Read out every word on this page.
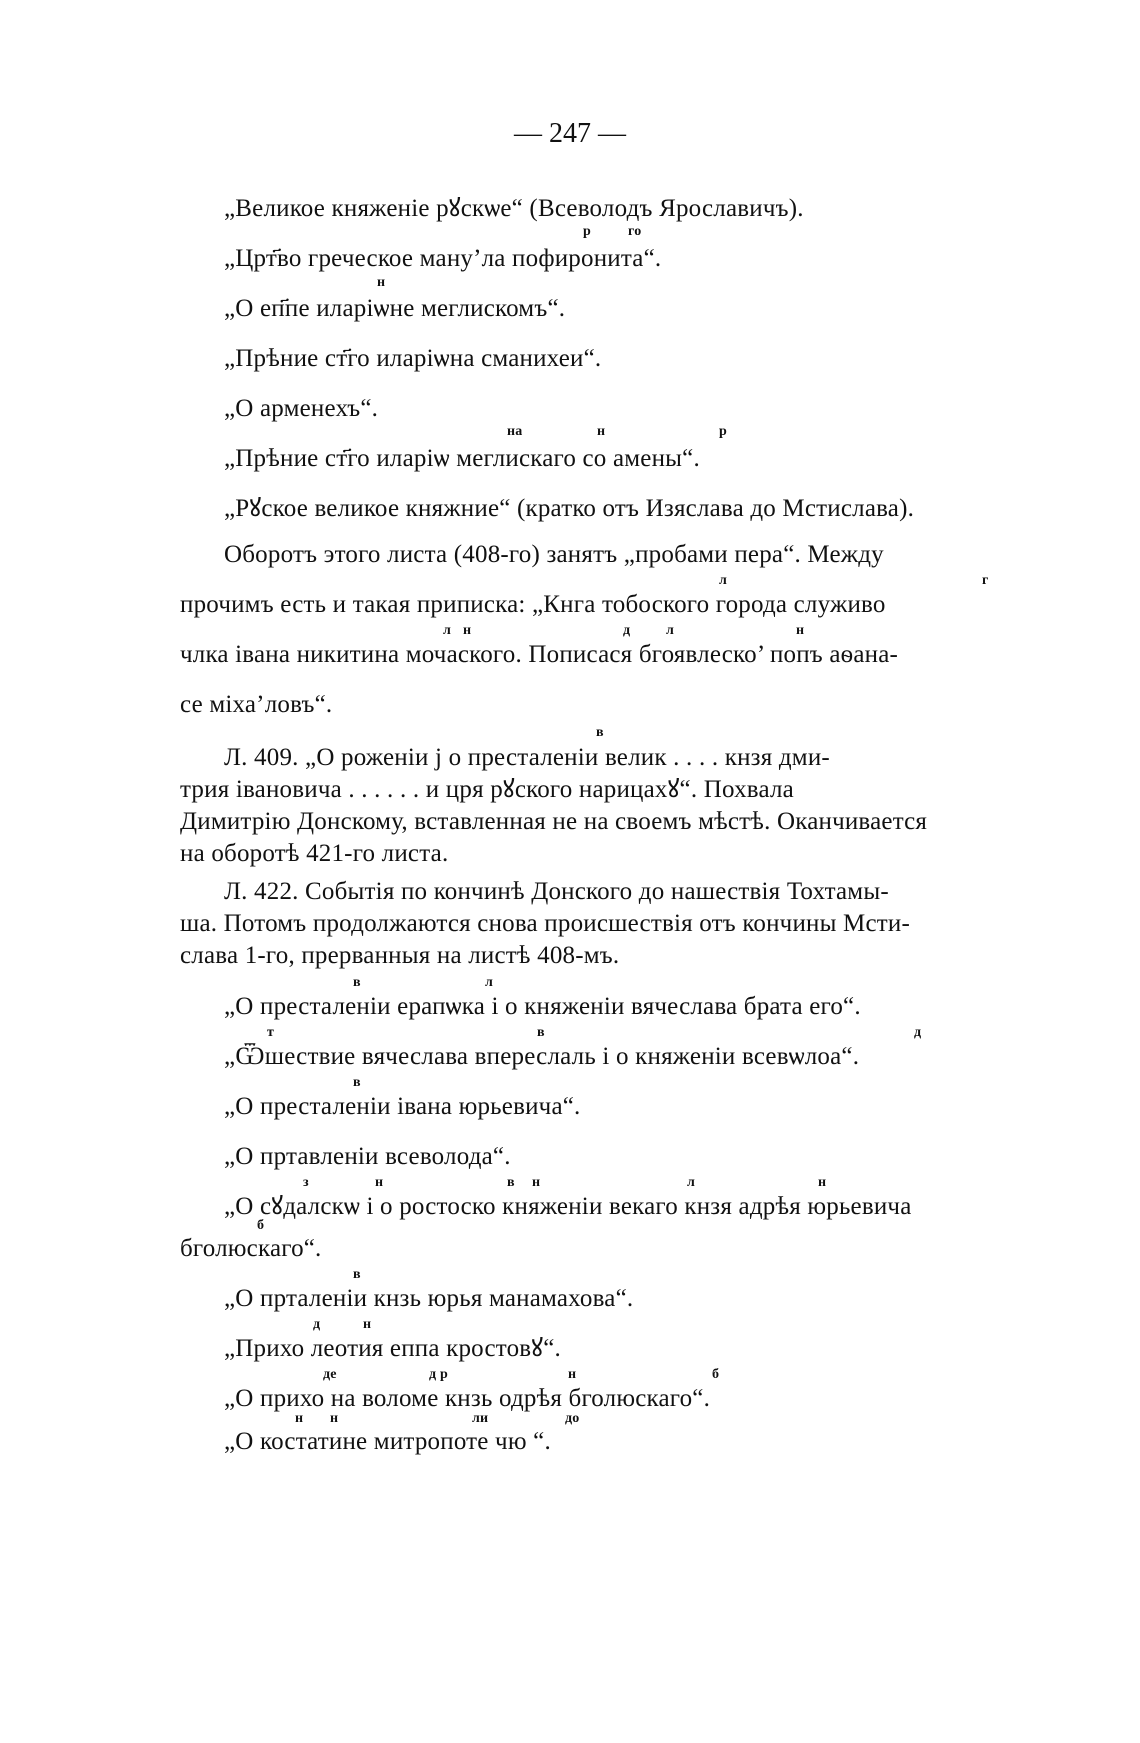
— 247 —
„Великое княженiе рꙋскѡе“ (Всеволодъ Ярославичъ).
„Црт҃во греческое ману’ла пофиронита“.
„О еп҃пе иларiѡне меглискомъ“.
„Прѣние ст҃го иларiѡна сманихеи“.
„О арменехъ“.
„Прѣние ст҃го иларiѡ меглискаго со амены“.
„Рꙋское великое княжние“ (кратко отъ Изяслава до Мстислава).
р	го
н
на	н	р
Оборотъ этого листа (408-го) занятъ „пробами пера“. Между
прочимъ есть и такая приписка: „Кнга тобоского города служиво
члка iвана никитина мочаского. Пописася бгоявлеско’ попъ аѳана-
се мiха’ловъ“.
л	г
л н	д	л	н
Л. 409. „О роженiи ј о престаленiи велик . . . . кнзя дми-
трия iвановича . . . . . . и цря рꙋского нарицахꙋ“. Похвала
Димитрiю Донскому, вставленная не на своемъ мѣстѣ. Оканчивается
на оборотѣ 421-го листа.
в
Л. 422. Событiя по кончинѣ Донского до нашествiя Тохтамы-
ша. Потомъ продолжаются снова происшествiя отъ кончины Мсти-
слава 1-го, прерванныя на листѣ 408-мъ.
„О престаленiи ерапѡка i о княженiи вячеслава брата его“.
„Ѿшествие вячеслава впереслаль i о княженiи всевѡлоа“.
„О престаленiи iвана юрьевича“.
„О пртавленiи всеволода“.
„О сꙋдалскѡ i о ростоско княженiи векаго кнзя адрѣя юрьевича
бголюскаго“.
„О прталенiи кнзь юрья манамахова“.
„Прихо леотия еппа кростовꙋ“.
„О прихо на воломе кнзь одрѣя бголюскаго“.
„О костатине митропоте чю “.
в	л
т	в	д
в
з	н	в н	л	н
б
в
д	н
де	д р	н	б
н н	ли	до
